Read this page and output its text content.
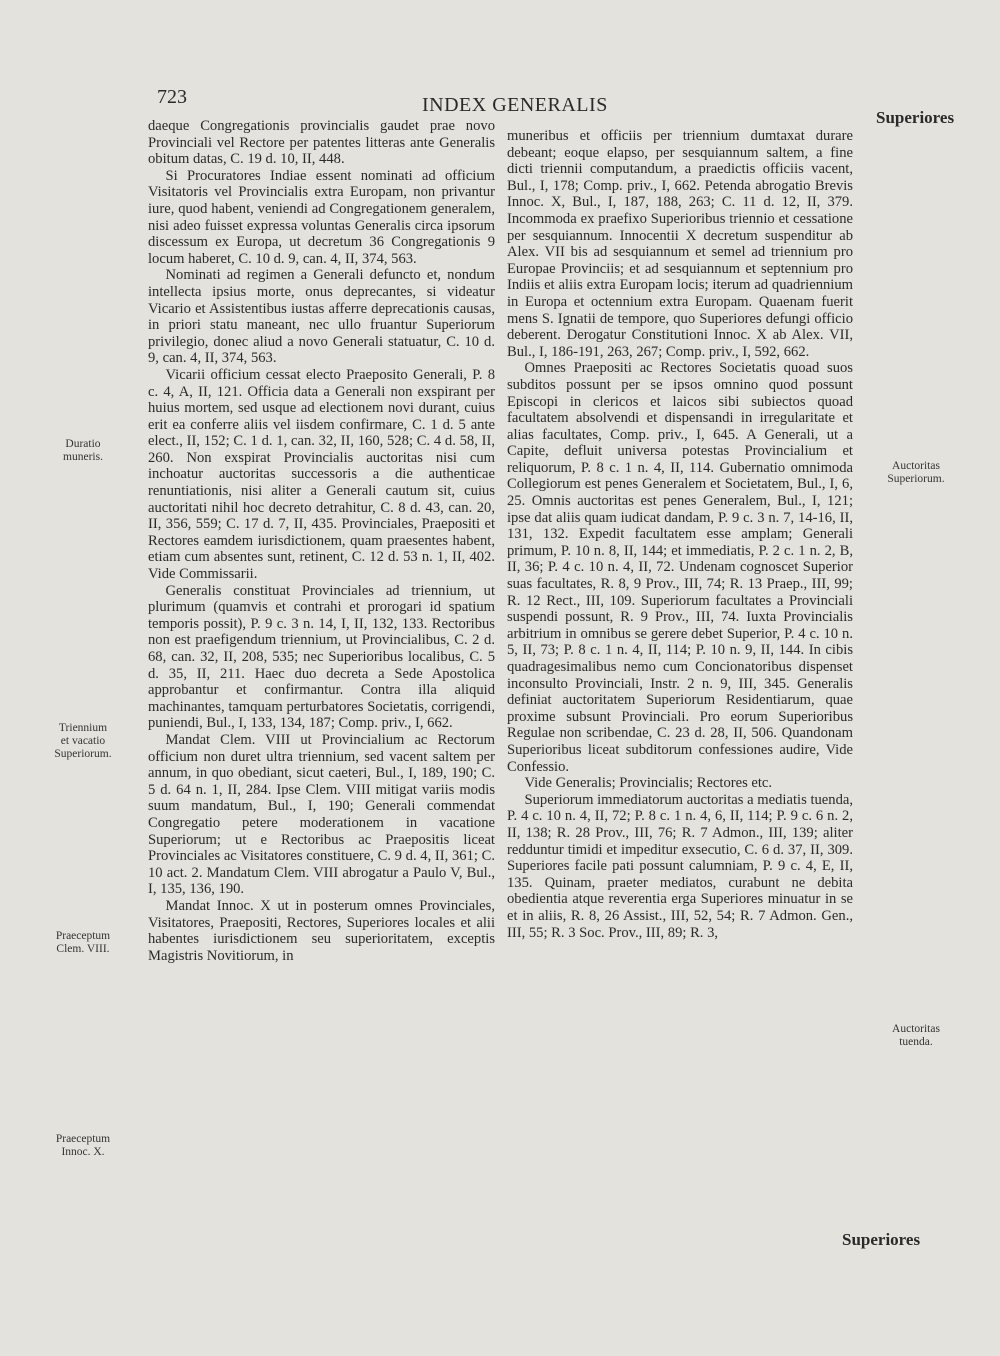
723	INDEX GENERALIS
Superiores

daeque Congregationis provincialis gaudet prae novo Provinciali vel Rectore per patentes litteras ante Generalis obitum datas, C. 19 d. 10, II, 448.

Si Procuratores Indiae essent nominati ad officium Visitatoris vel Provincialis extra Europam, non privantur iure, quod habent, veniendi ad Congregationem generalem, nisi adeo fuisset expressa voluntas Generalis circa ipsorum discessum ex Europa, ut decretum 36 Congregationis 9 locum haberet, C. 10 d. 9, can. 4, II, 374, 563.

Nominati ad regimen a Generali defuncto et, nondum intellecta ipsius morte, onus deprecantes, si videatur Vicario et Assistentibus iustas afferre deprecationis causas, in priori statu maneant, nec ullo fruantur Superiorum privilegio, donec aliud a novo Generali statuatur, C. 10 d. 9, can. 4, II, 374, 563.

Vicarii officium cessat electo Praeposito Generali, P. 8 c. 4, A, II, 121. Officia data a Generali non exspirant per huius mortem, sed usque ad electionem novi durant, cuius erit ea conferre aliis vel iisdem confirmare, C. 1 d. 5 ante elect., II, 152; C. 1 d. 1, can. 32, II, 160, 528; C. 4 d. 58, II, 260. Non exspirat Provincialis auctoritas nisi cum inchoatur auctoritas successoris a die authenticae renuntiationis, nisi aliter a Generali cautum sit, cuius auctoritati nihil hoc decreto detrahitur, C. 8 d. 43, can. 20, II, 356, 559; C. 17 d. 7, II, 435. Provinciales, Praepositi et Rectores eamdem iurisdictionem, quam praesentes habent, etiam cum absentes sunt, retinent, C. 12 d. 53 n. 1, II, 402. Vide Commissarii.

Generalis constituat Provinciales ad triennium, ut plurimum (quamvis et contrahi et prorogari id spatium temporis possit), P. 9 c. 3 n. 14, I, II, 132, 133. Rectoribus non est praefigendum triennium, ut Provincialibus, C. 2 d. 68, can. 32, II, 208, 535; nec Superioribus localibus, C. 5 d. 35, II, 211. Haec duo decreta a Sede Apostolica approbantur et confirmantur. Contra illa aliquid machinantes, tamquam perturbatores Societatis, corrigendi, puniendi, Bul., I, 133, 134, 187; Comp. priv., I, 662.

Mandat Clem. VIII ut Provincialium ac Rectorum officium non duret ultra triennium, sed vacent saltem per annum, in quo obediant, sicut caeteri, Bul., I, 189, 190; C. 5 d. 64 n. 1, II, 284. Ipse Clem. VIII mitigat variis modis suum mandatum, Bul., I, 190; Generali commendat Congregatio petere moderationem in vacatione Superiorum; ut e Rectoribus ac Praepositis liceat Provinciales ac Visitatores constituere, C. 9 d. 4, II, 361; C. 10 act. 2. Mandatum Clem. VIII abrogatur a Paulo V, Bul., I, 135, 136, 190.

Mandat Innoc. X ut in posterum omnes Provinciales, Visitatores, Praepositi, Rectores, Superiores locales et alii habentes iurisdictionem seu superioritatem, exceptis Magistris Novitiorum, in

muneribus et officiis per triennium dumtaxat durare debeant; eoque elapso, per sesquiannum saltem, a fine dicti triennii computandum, a praedictis officiis vacent, Bul., I, 178; Comp. priv., I, 662. Petenda abrogatio Brevis Innoc. X, Bul., I, 187, 188, 263; C. 11 d. 12, II, 379. Incommoda ex praefixo Superioribus triennio et cessatione per sesquiannum. Innocentii X decretum suspenditur ab Alex. VII bis ad sesquiannum et semel ad triennium pro Europae Provinciis; et ad sesquiannum et septennium pro Indiis et aliis extra Europam locis; iterum ad quadriennium in Europa et octennium extra Europam. Quaenam fuerit mens S. Ignatii de tempore, quo Superiores defungi officio deberent. Derogatur Constitutioni Innoc. X ab Alex. VII, Bul., I, 186-191, 263, 267; Comp. priv., I, 592, 662.

Omnes Praepositi ac Rectores Societatis quoad suos subditos possunt per se ipsos omnino quod possunt Episcopi in clericos et laicos sibi subiectos quoad facultatem absolvendi et dispensandi in irregularitate et alias facultates, Comp. priv., I, 645. A Generali, ut a Capite, defluit universa potestas Provincialium et reliquorum, P. 8 c. 1 n. 4, II, 114. Gubernatio omnimoda Collegiorum est penes Generalem et Societatem, Bul., I, 6, 25. Omnis auctoritas est penes Generalem, Bul., I, 121; ipse dat aliis quam iudicat dandam, P. 9 c. 3 n. 7, 14-16, II, 131, 132. Expedit facultatem esse amplam; Generali primum, P. 10 n. 8, II, 144; et immediatis, P. 2 c. 1 n. 2, B, II, 36; P. 4 c. 10 n. 4, II, 72. Undenam cognoscet Superior suas facultates, R. 8, 9 Prov., III, 74; R. 13 Praep., III, 99; R. 12 Rect., III, 109. Superiorum facultates a Provinciali suspendi possunt, R. 9 Prov., III, 74. Iuxta Provincialis arbitrium in omnibus se gerere debet Superior, P. 4 c. 10 n. 5, II, 73; P. 8 c. 1 n. 4, II, 114; P. 10 n. 9, II, 144. In cibis quadragesimalibus nemo cum Concionatoribus dispenset inconsulto Provinciali, Instr. 2 n. 9, III, 345. Generalis definiat auctoritatem Superiorum Residentiarum, quae proxime subsunt Provinciali. Pro eorum Superioribus Regulae non scribendae, C. 23 d. 28, II, 506. Quandonam Superioribus liceat subditorum confessiones audire, Vide Confessio.

Vide Generalis; Provincialis; Rectores etc.

Superiorum immediatorum auctoritas a mediatis tuenda, P. 4 c. 10 n. 4, II, 72; P. 8 c. 1 n. 4, 6, II, 114; P. 9 c. 6 n. 2, II, 138; R. 28 Prov., III, 76; R. 7 Admon., III, 139; aliter redduntur timidi et impeditur exsecutio, C. 6 d. 37, II, 309. Superiores facile pati possunt calumniam, P. 9 c. 4, E, II, 135. Quinam, praeter mediatos, curabunt ne debita obedientia atque reverentia erga Superiores minuatur in se et in aliis, R. 8, 26 Assist., III, 52, 54; R. 7 Admon. Gen., III, 55; R. 3 Soc. Prov., III, 89; R. 3,

Duratio
muneris.
Triennium
et vacatio
Superiorum.
Praeceptum
Clem. VIII.
Praeceptum
Innoc. X.
Auctoritas
Superiorum.
Auctoritas
tuenda.
Superiores
